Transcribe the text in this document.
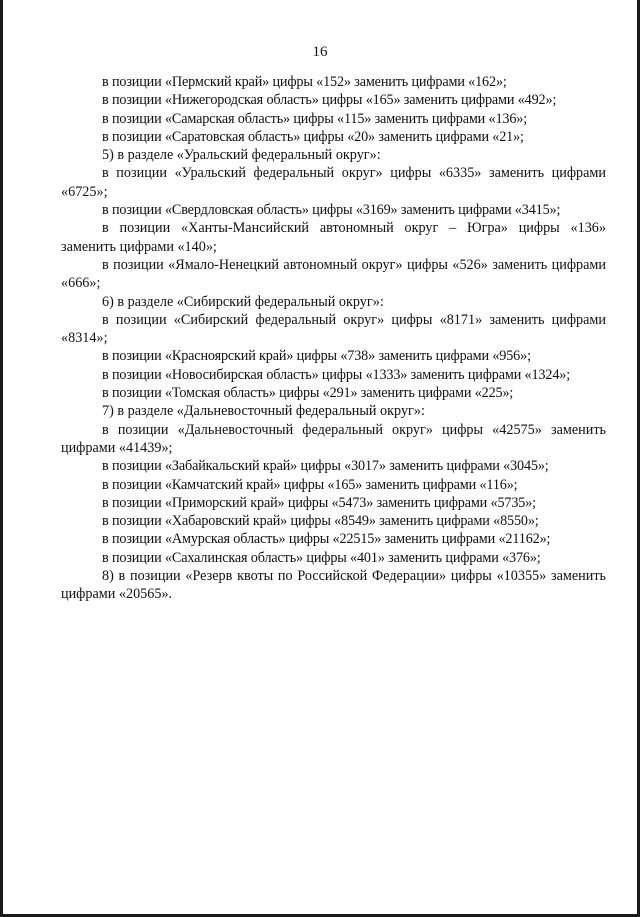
16

в позиции «Пермский край» цифры «152» заменить цифрами «162»;

в позиции «Нижегородская область» цифры «165» заменить цифрами «492»;

в позиции «Самарская область» цифры «115» заменить цифрами «136»;

в позиции «Саратовская область» цифры «20» заменить цифрами «21»;

5) в разделе «Уральский федеральный округ»:

в позиции «Уральский федеральный округ» цифры «6335» заменить цифрами «6725»;

в позиции «Свердловская область» цифры «3169» заменить цифрами «3415»;

в позиции «Ханты-Мансийский автономный округ – Югра» цифры «136» заменить цифрами «140»;

в позиции «Ямало-Ненецкий автономный округ» цифры «526» заменить цифрами «666»;

6) в разделе «Сибирский федеральный округ»:

в позиции «Сибирский федеральный округ» цифры «8171» заменить цифрами «8314»;

в позиции «Красноярский край» цифры «738» заменить цифрами «956»;

в позиции «Новосибирская область» цифры «1333» заменить цифрами «1324»;

в позиции «Томская область» цифры «291» заменить цифрами «225»;

7) в разделе «Дальневосточный федеральный округ»:

в позиции «Дальневосточный федеральный округ» цифры «42575» заменить цифрами «41439»;

в позиции «Забайкальский край» цифры «3017» заменить цифрами «3045»;

в позиции «Камчатский край» цифры «165» заменить цифрами «116»;

в позиции «Приморский край» цифры «5473» заменить цифрами «5735»;

в позиции «Хабаровский край» цифры «8549» заменить цифрами «8550»;

в позиции «Амурская область» цифры «22515» заменить цифрами «21162»;

в позиции «Сахалинская область» цифры «401» заменить цифрами «376»;

8) в позиции «Резерв квоты по Российской Федерации» цифры «10355» заменить цифрами «20565».
